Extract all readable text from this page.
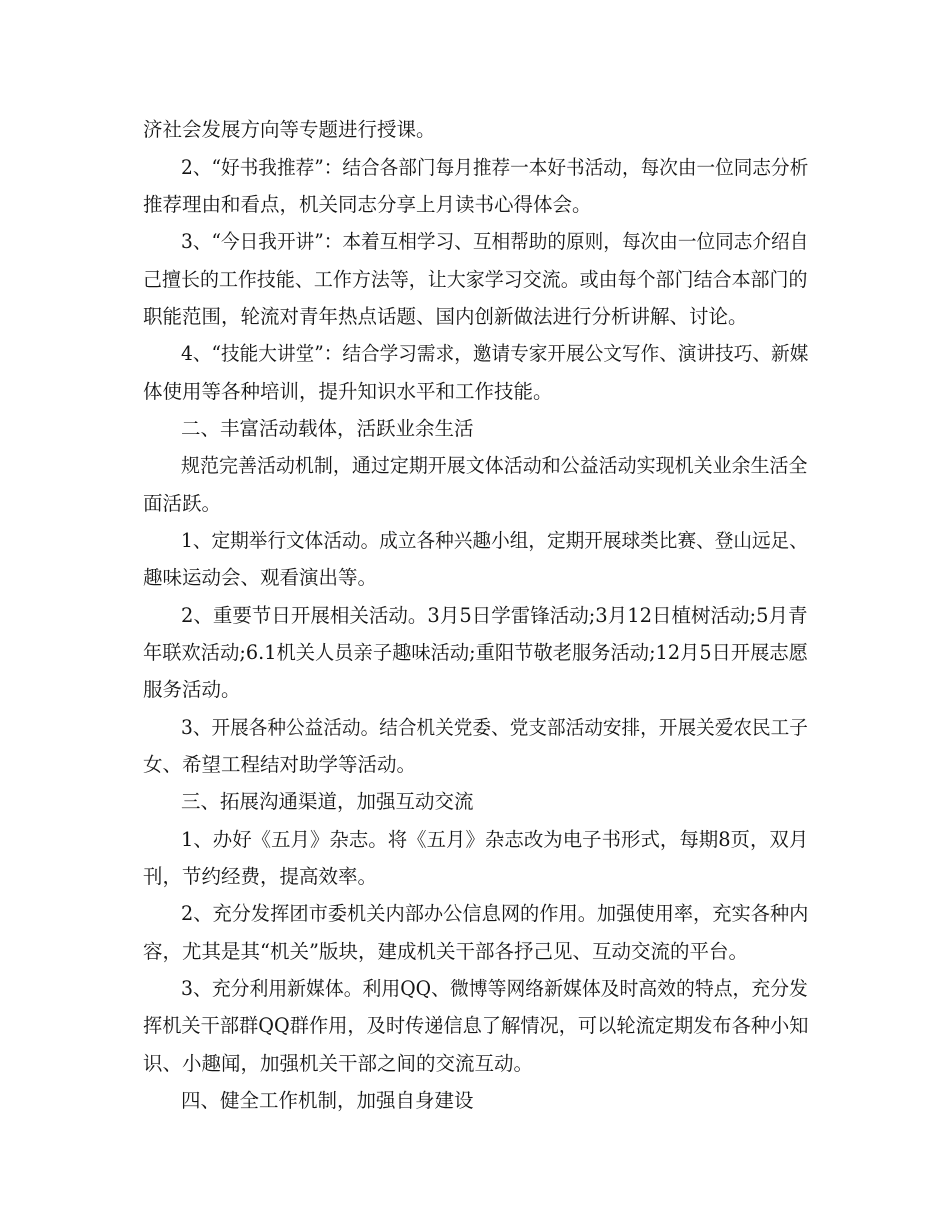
济社会发展方向等专题进行授课。
2、“好书我推荐”：结合各部门每月推荐一本好书活动，每次由一位同志分析
推荐理由和看点，机关同志分享上月读书心得体会。
3、“今日我开讲”：本着互相学习、互相帮助的原则，每次由一位同志介绍自
己擅长的工作技能、工作方法等，让大家学习交流。或由每个部门结合本部门的
职能范围，轮流对青年热点话题、国内创新做法进行分析讲解、讨论。
4、“技能大讲堂”：结合学习需求，邀请专家开展公文写作、演讲技巧、新媒
体使用等各种培训，提升知识水平和工作技能。
二、丰富活动载体，活跃业余生活
规范完善活动机制，通过定期开展文体活动和公益活动实现机关业余生活全
面活跃。
1、定期举行文体活动。成立各种兴趣小组，定期开展球类比赛、登山远足、
趣味运动会、观看演出等。
2、重要节日开展相关活动。3月5日学雷锋活动;3月12日植树活动;5月青
年联欢活动;6.1机关人员亲子趣味活动;重阳节敬老服务活动;12月5日开展志愿
服务活动。
3、开展各种公益活动。结合机关党委、党支部活动安排，开展关爱农民工子
女、希望工程结对助学等活动。
三、拓展沟通渠道，加强互动交流
1、办好《五月》杂志。将《五月》杂志改为电子书形式，每期8页，双月
刊，节约经费，提高效率。
2、充分发挥团市委机关内部办公信息网的作用。加强使用率，充实各种内
容，尤其是其“机关”版块，建成机关干部各抒己见、互动交流的平台。
3、充分利用新媒体。利用QQ、微博等网络新媒体及时高效的特点，充分发
挥机关干部群QQ群作用，及时传递信息了解情况，可以轮流定期发布各种小知
识、小趣闻，加强机关干部之间的交流互动。
四、健全工作机制，加强自身建设
